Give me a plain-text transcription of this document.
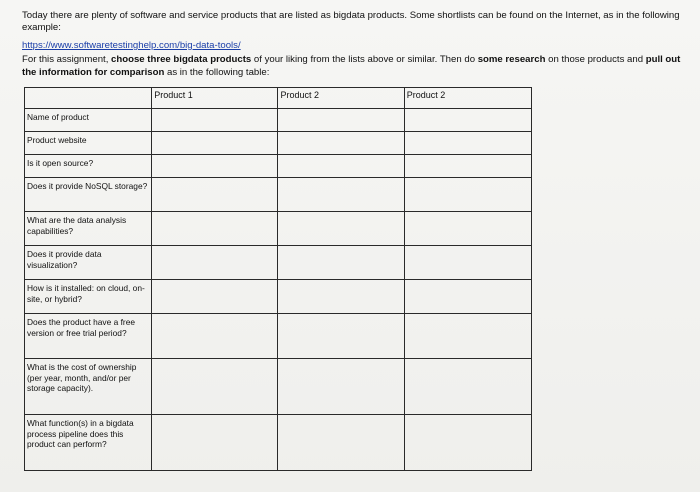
Today there are plenty of software and service products that are listed as bigdata products. Some shortlists can be found on the Internet, as in the following example:

https://www.softwaretestinghelp.com/big-data-tools/

For this assignment, choose three bigdata products of your liking from the lists above or similar. Then do some research on those products and pull out the information for comparison as in the following table:

	Product 1	Product 2	Product 2
Name of product			
Product website			
Is it open source?			
Does it provide NoSQL storage?			
What are the data analysis capabilities?			
Does it provide data visualization?			
How is it installed: on cloud, on-site, or hybrid?			
Does the product have a free version or free trial period?			
What is the cost of ownership (per year, month, and/or per storage capacity).			
What function(s) in a bigdata process pipeline does this product can perform?			
